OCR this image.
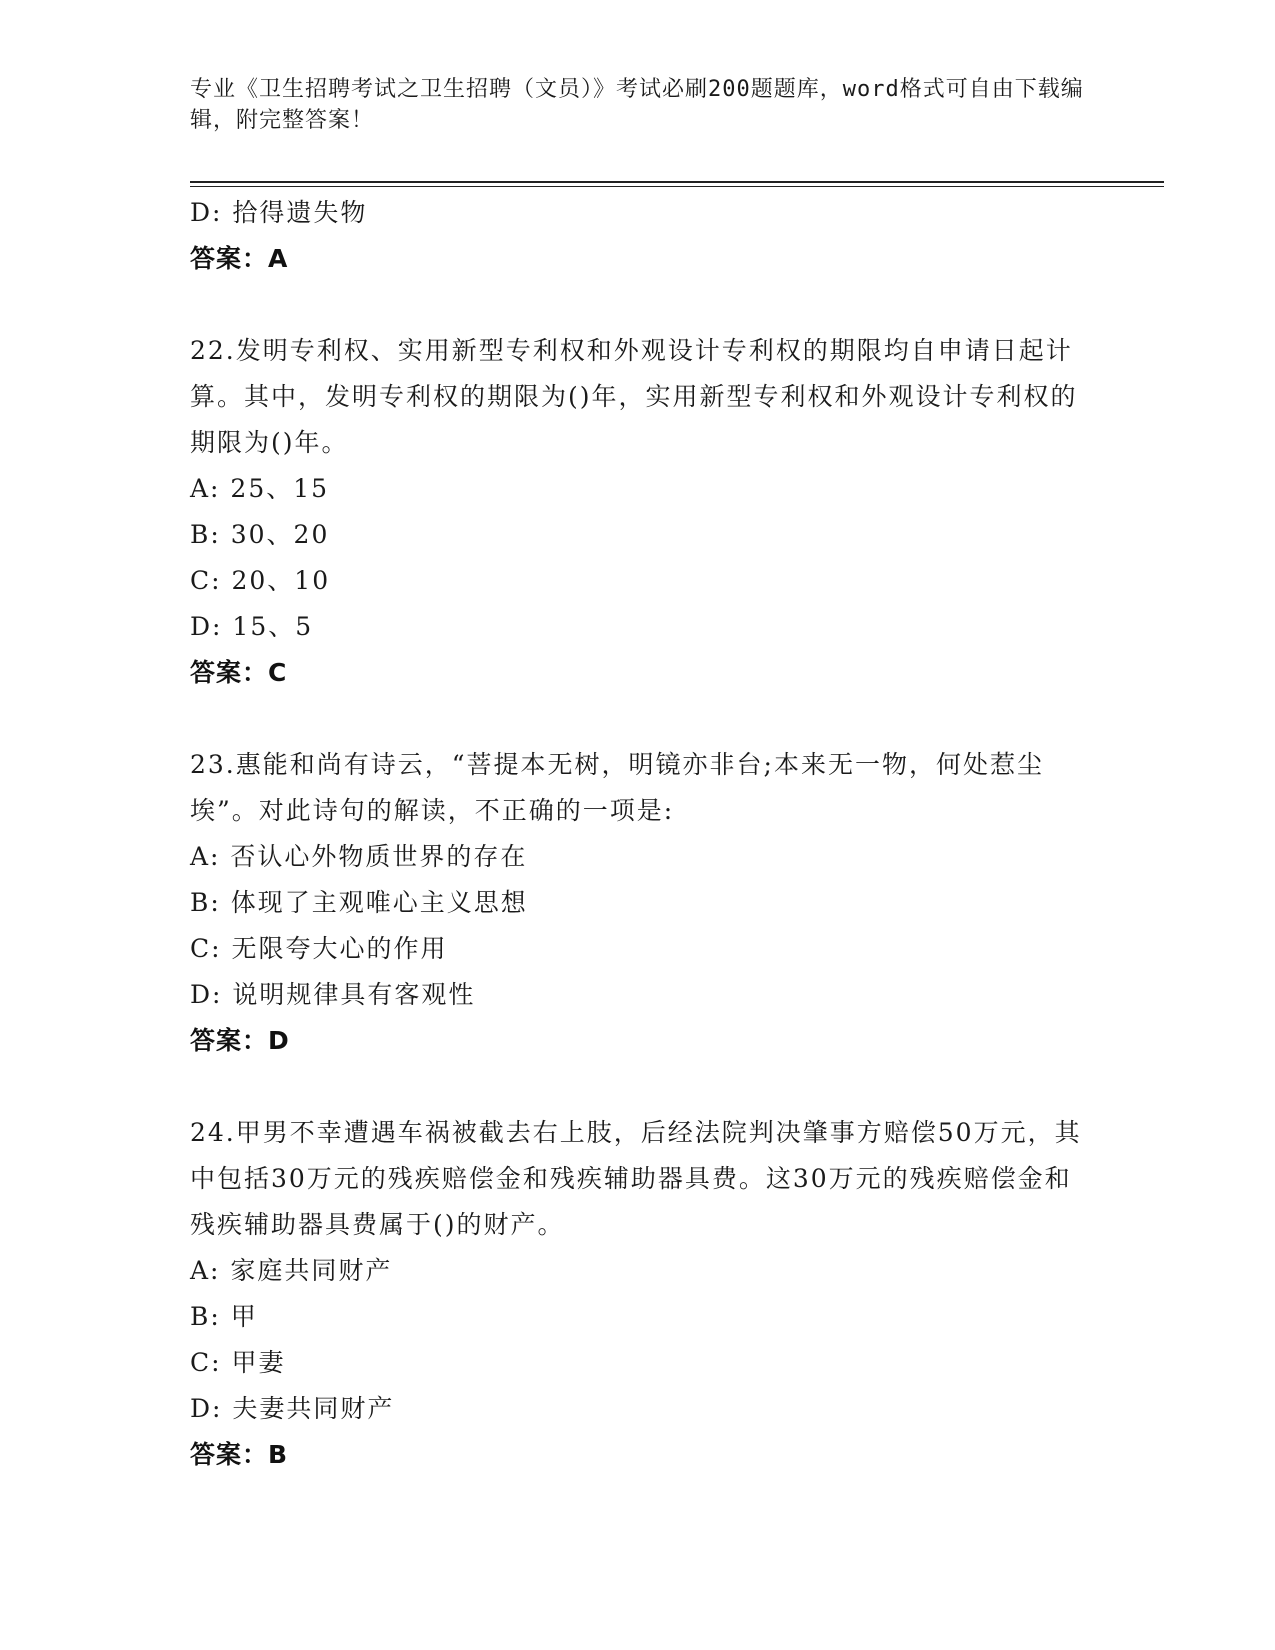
专业《卫生招聘考试之卫生招聘（文员）》考试必刷200题题库，word格式可自由下载编辑，附完整答案！
D: 拾得遗失物
答案：A
22.发明专利权、实用新型专利权和外观设计专利权的期限均自申请日起计算。其中，发明专利权的期限为()年，实用新型专利权和外观设计专利权的期限为()年。
A: 25、15
B: 30、20
C: 20、10
D: 15、5
答案：C
23.惠能和尚有诗云，“菩提本无树，明镜亦非台;本来无一物，何处惹尘埃”。对此诗句的解读，不正确的一项是:
A: 否认心外物质世界的存在
B: 体现了主观唯心主义思想
C: 无限夸大心的作用
D: 说明规律具有客观性
答案：D
24.甲男不幸遭遇车祸被截去右上肢，后经法院判决肇事方赔偿50万元，其中包括30万元的残疾赔偿金和残疾辅助器具费。这30万元的残疾赔偿金和残疾辅助器具费属于()的财产。
A: 家庭共同财产
B: 甲
C: 甲妻
D: 夫妻共同财产
答案：B
